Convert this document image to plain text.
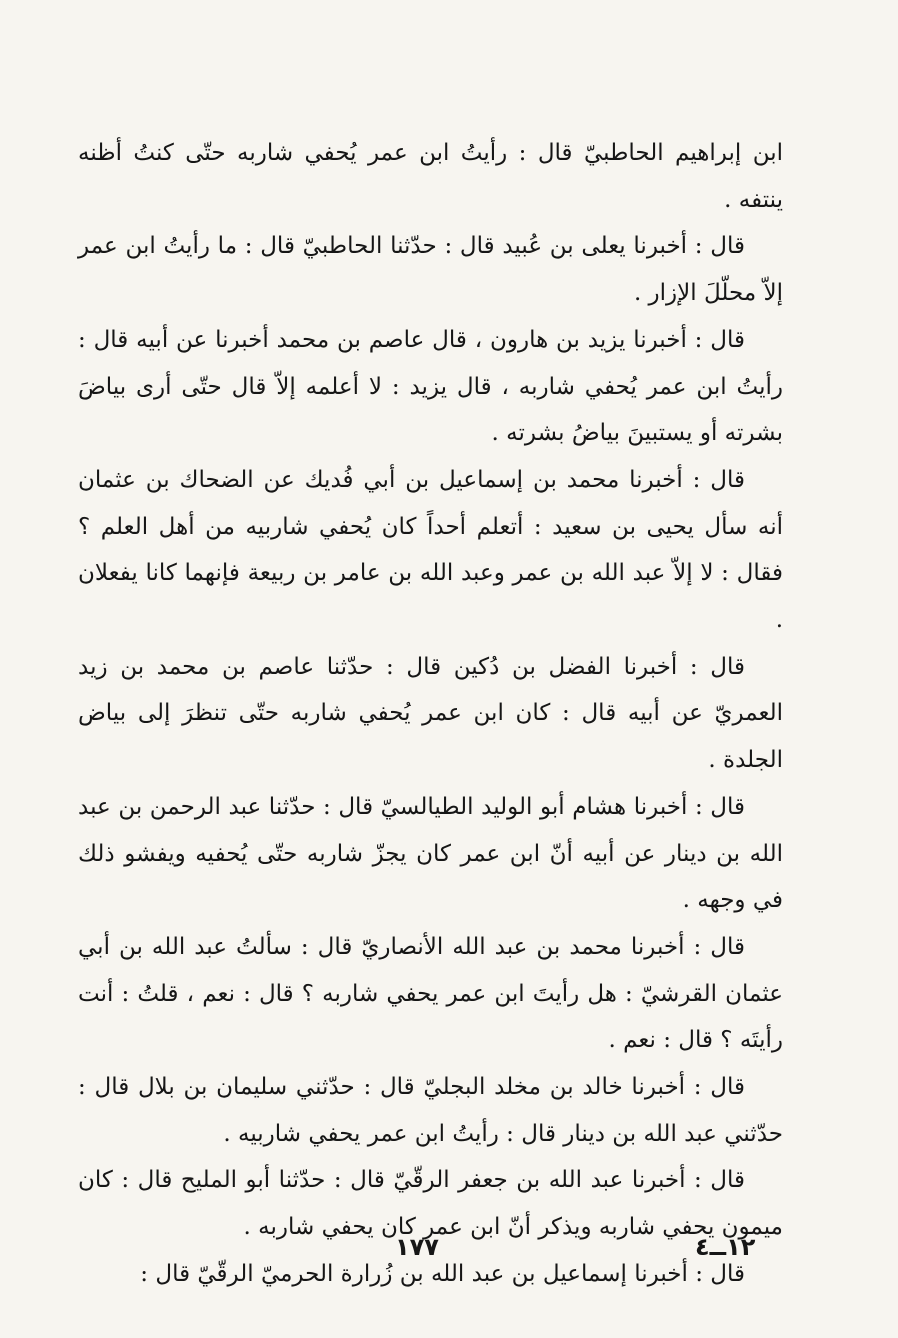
ابن إبراهيم الحاطبيّ قال : رأيتُ ابن عمر يُحفي شاربه حتّى كنتُ أظنه ينتفه .

قال : أخبرنا يعلى بن عُبيد قال : حدّثنا الحاطبيّ قال : ما رأيتُ ابن عمر إلاّ محلّلَ الإزار .

قال : أخبرنا يزيد بن هارون ، قال عاصم بن محمد أخبرنا عن أبيه قال : رأيتُ ابن عمر يُحفي شاربه ، قال يزيد : لا أعلمه إلاّ قال حتّى أرى بياضَ بشرته أو يستبينَ بياضُ بشرته .

قال : أخبرنا محمد بن إسماعيل بن أبي فُديك عن الضحاك بن عثمان أنه سأل يحيى بن سعيد : أتعلم أحداً كان يُحفي شاربيه من أهل العلم ؟ فقال : لا إلاّ عبد الله بن عمر وعبد الله بن عامر بن ربيعة فإنهما كانا يفعلان .

قال : أخبرنا الفضل بن دُكين قال : حدّثنا عاصم بن محمد بن زيد العمريّ عن أبيه قال : كان ابن عمر يُحفي شاربه حتّى تنظرَ إلى بياض الجلدة .

قال : أخبرنا هشام أبو الوليد الطيالسيّ قال : حدّثنا عبد الرحمن بن عبد الله بن دينار عن أبيه أنّ ابن عمر كان يجزّ شاربه حتّى يُحفيه ويفشو ذلك في وجهه .

قال : أخبرنا محمد بن عبد الله الأنصاريّ قال : سألتُ عبد الله بن أبي عثمان القرشيّ : هل رأيتَ ابن عمر يحفي شاربه ؟ قال : نعم ، قلتُ : أنت رأيتَه ؟ قال : نعم .

قال : أخبرنا خالد بن مخلد البجليّ قال : حدّثني سليمان بن بلال قال : حدّثني عبد الله بن دينار قال : رأيتُ ابن عمر يحفي شاربيه .

قال : أخبرنا عبد الله بن جعفر الرقّيّ قال : حدّثنا أبو المليح قال : كان ميمون يحفي شاربه ويذكر أنّ ابن عمر كان يحفي شاربه .

قال : أخبرنا إسماعيل بن عبد الله بن زُرارة الحرميّ الرقّيّ قال :

١٧٧	١٢ــ٤
